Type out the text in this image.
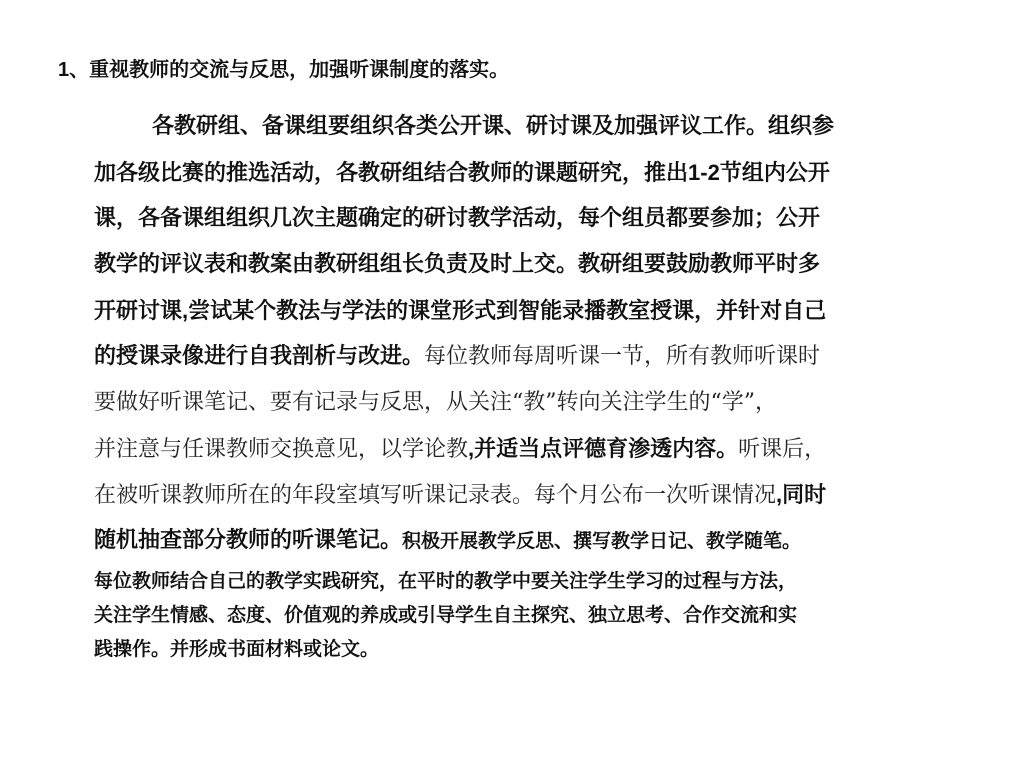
1、重视教师的交流与反思，加强听课制度的落实。
各教研组、备课组要组织各类公开课、研讨课及加强评议工作。组织参
加各级比赛的推选活动，各教研组结合教师的课题研究，推出1-2节组内公开
课，各备课组组织几次主题确定的研讨教学活动，每个组员都要参加；公开
教学的评议表和教案由教研组组长负责及时上交。教研组要鼓励教师平时多
开研讨课,尝试某个教法与学法的课堂形式到智能录播教室授课，并针对自己
的授课录像进行自我剖析与改进。每位教师每周听课一节，所有教师听课时
要做好听课笔记、要有记录与反思，从关注“教”转向关注学生的“学”，
并注意与任课教师交换意见，以学论教,并适当点评德育渗透内容。听课后，
在被听课教师所在的年段室填写听课记录表。每个月公布一次听课情况,同时
随机抽查部分教师的听课笔记。积极开展教学反思、撰写教学日记、教学随笔。
每位教师结合自己的教学实践研究，在平时的教学中要关注学生学习的过程与方法，
关注学生情感、态度、价值观的养成或引导学生自主探究、独立思考、合作交流和实
践操作。并形成书面材料或论文。
